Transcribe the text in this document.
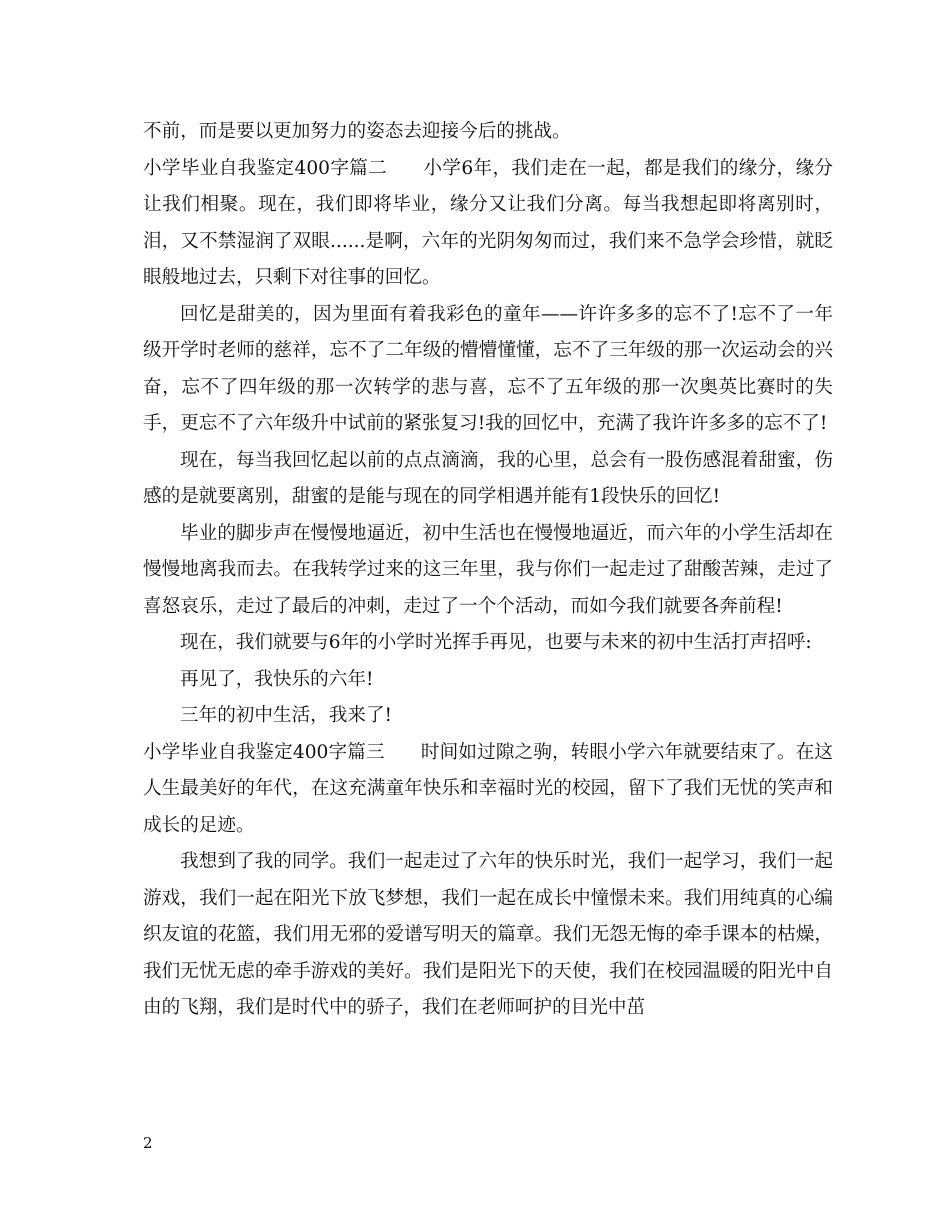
不前，而是要以更加努力的姿态去迎接今后的挑战。

小学毕业自我鉴定400字篇二 小学6年，我们走在一起，都是我们的缘分，缘分让我们相聚。现在，我们即将毕业，缘分又让我们分离。每当我想起即将离别时，泪，又不禁湿润了双眼......是啊，六年的光阴匆匆而过，我们来不急学会珍惜，就眨眼般地过去，只剩下对往事的回忆。

回忆是甜美的，因为里面有着我彩色的童年——许许多多的忘不了!忘不了一年级开学时老师的慈祥，忘不了二年级的懵懵懂懂，忘不了三年级的那一次运动会的兴奋，忘不了四年级的那一次转学的悲与喜，忘不了五年级的那一次奥英比赛时的失手，更忘不了六年级升中试前的紧张复习!我的回忆中，充满了我许许多多的忘不了!

现在，每当我回忆起以前的点点滴滴，我的心里，总会有一股伤感混着甜蜜，伤感的是就要离别，甜蜜的是能与现在的同学相遇并能有1段快乐的回忆!

毕业的脚步声在慢慢地逼近，初中生活也在慢慢地逼近，而六年的小学生活却在慢慢地离我而去。在我转学过来的这三年里，我与你们一起走过了甜酸苦辣，走过了喜怒哀乐，走过了最后的冲刺，走过了一个个活动，而如今我们就要各奔前程!

现在，我们就要与6年的小学时光挥手再见，也要与未来的初中生活打声招呼:

再见了，我快乐的六年!

三年的初中生活，我来了!

小学毕业自我鉴定400字篇三 时间如过隙之驹，转眼小学六年就要结束了。在这人生最美好的年代，在这充满童年快乐和幸福时光的校园，留下了我们无忧的笑声和成长的足迹。

我想到了我的同学。我们一起走过了六年的快乐时光，我们一起学习，我们一起游戏，我们一起在阳光下放飞梦想，我们一起在成长中憧憬未来。我们用纯真的心编织友谊的花篮，我们用无邪的爱谱写明天的篇章。我们无怨无悔的牵手课本的枯燥，我们无忧无虑的牵手游戏的美好。我们是阳光下的天使，我们在校园温暖的阳光中自由的飞翔，我们是时代中的骄子，我们在老师呵护的目光中茁

2
